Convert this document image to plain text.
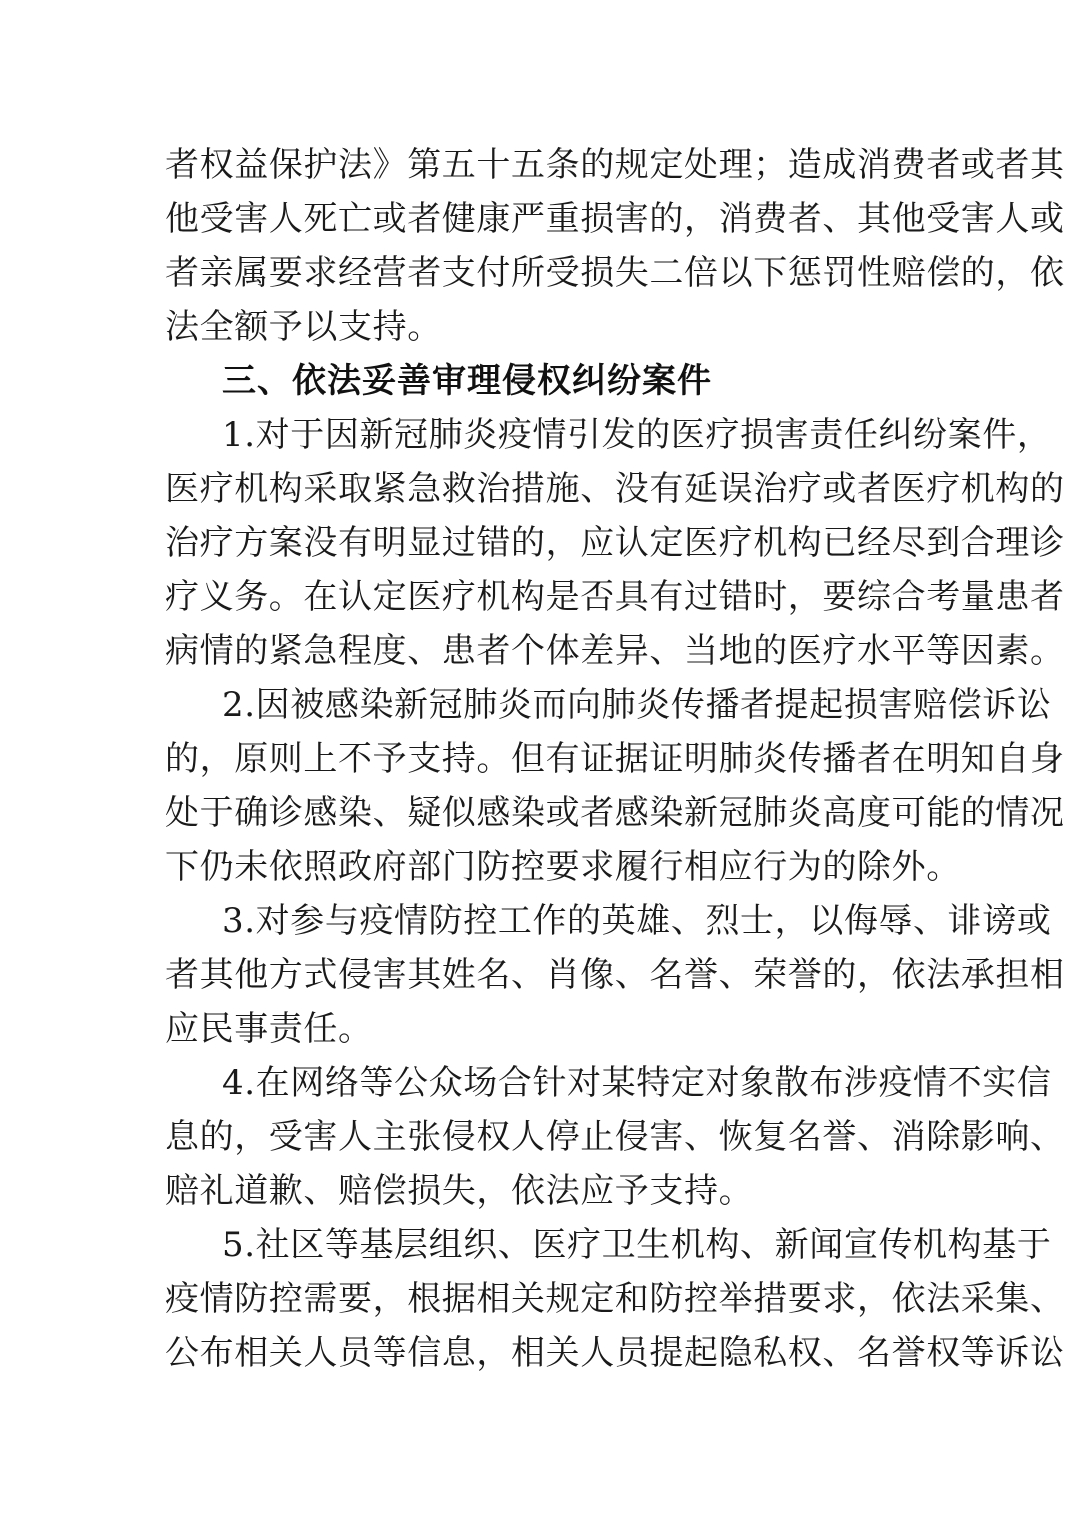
者权益保护法》第五十五条的规定处理；造成消费者或者其
他受害人死亡或者健康严重损害的，消费者、其他受害人或
者亲属要求经营者支付所受损失二倍以下惩罚性赔偿的，依
法全额予以支持。
三、依法妥善审理侵权纠纷案件
1.对于因新冠肺炎疫情引发的医疗损害责任纠纷案件，
医疗机构采取紧急救治措施、没有延误治疗或者医疗机构的
治疗方案没有明显过错的，应认定医疗机构已经尽到合理诊
疗义务。在认定医疗机构是否具有过错时，要综合考量患者
病情的紧急程度、患者个体差异、当地的医疗水平等因素。
2.因被感染新冠肺炎而向肺炎传播者提起损害赔偿诉讼
的，原则上不予支持。但有证据证明肺炎传播者在明知自身
处于确诊感染、疑似感染或者感染新冠肺炎高度可能的情况
下仍未依照政府部门防控要求履行相应行为的除外。
3.对参与疫情防控工作的英雄、烈士，以侮辱、诽谤或
者其他方式侵害其姓名、肖像、名誉、荣誉的，依法承担相
应民事责任。
4.在网络等公众场合针对某特定对象散布涉疫情不实信
息的，受害人主张侵权人停止侵害、恢复名誉、消除影响、
赔礼道歉、赔偿损失，依法应予支持。
5.社区等基层组织、医疗卫生机构、新闻宣传机构基于
疫情防控需要，根据相关规定和防控举措要求，依法采集、
公布相关人员等信息，相关人员提起隐私权、名誉权等诉讼
